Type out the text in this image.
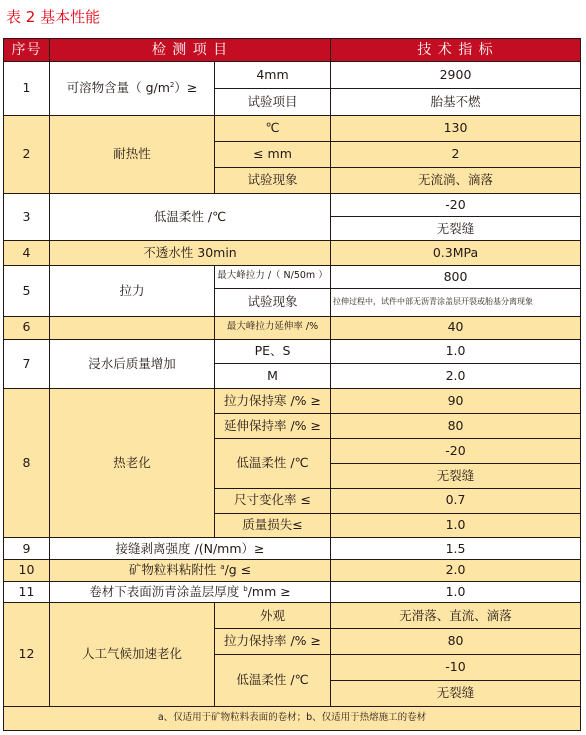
表 2 基本性能
序号	检 测 项 目		技 术 指 标
1	可溶物含量（ $g/m^2)\ge$	4mm	2900
		试验项目	胎基不燃
2	耐热性	℃	130
		≤ mm	2
		试验现象	无流淌、滴落
3	低温柔性 /℃		-20
			无裂缝
4	不透水性 30min		0.3MPa
5	拉力	最大峰拉力 /（ N/50m ）	800
		试验现象	拉伸过程中，试件中部无沥青涂盖层开裂或胎基分离现象
6		最大峰拉力延伸率 /%	40
7	浸水后质量增加	PE、S	1.0
		M	2.0
8	热老化	拉力保持寒 /% ≥	90
		延伸保持率 /% ≥	80
		低温柔性 /℃	-20
			无裂缝
		尺寸变化率 ≤	0.7
		质量损失≤	1.0
9	接缝剥离强度 /(N/mm）≥		1.5
10	矿物粒料粘附性 $^a$/g ≤		2.0
11	卷材下表面沥青涂盖层厚度 $^b$/mm ≥		1.0
12	人工气候加速老化	外观	无滑落、直流、滴落
		拉力保持率 /% ≥	80
		低温柔性 /℃	-10
			无裂缝
a、仅适用于矿物粒料表面的卷材；b、仅适用于热熔施工的卷材			
